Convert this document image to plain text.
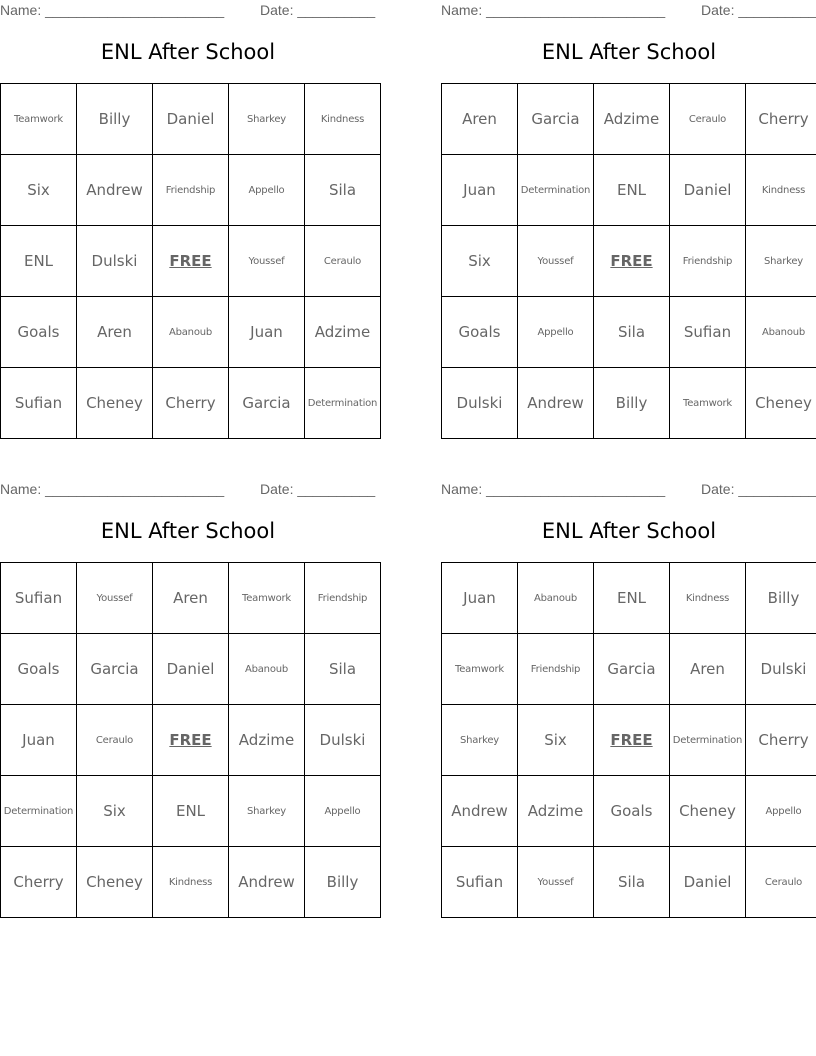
Name: _______________________	Date: __________
ENL After School
Teamwork	Billy	Daniel	Sharkey	Kindness
Six	Andrew	Friendship	Appello	Sila
ENL	Dulski	FREE	Youssef	Ceraulo
Goals	Aren	Abanoub	Juan	Adzime
Sufian	Cheney	Cherry	Garcia	Determination
Name: _______________________	Date: __________
ENL After School
Aren	Garcia	Adzime	Ceraulo	Cherry
Juan	Determination	ENL	Daniel	Kindness
Six	Youssef	FREE	Friendship	Sharkey
Goals	Appello	Sila	Sufian	Abanoub
Dulski	Andrew	Billy	Teamwork	Cheney
Name: _______________________	Date: __________
ENL After School
Sufian	Youssef	Aren	Teamwork	Friendship
Goals	Garcia	Daniel	Abanoub	Sila
Juan	Ceraulo	FREE	Adzime	Dulski
Determination	Six	ENL	Sharkey	Appello
Cherry	Cheney	Kindness	Andrew	Billy
Name: _______________________	Date: __________
ENL After School
Juan	Abanoub	ENL	Kindness	Billy
Teamwork	Friendship	Garcia	Aren	Dulski
Sharkey	Six	FREE	Determination	Cherry
Andrew	Adzime	Goals	Cheney	Appello
Sufian	Youssef	Sila	Daniel	Ceraulo
